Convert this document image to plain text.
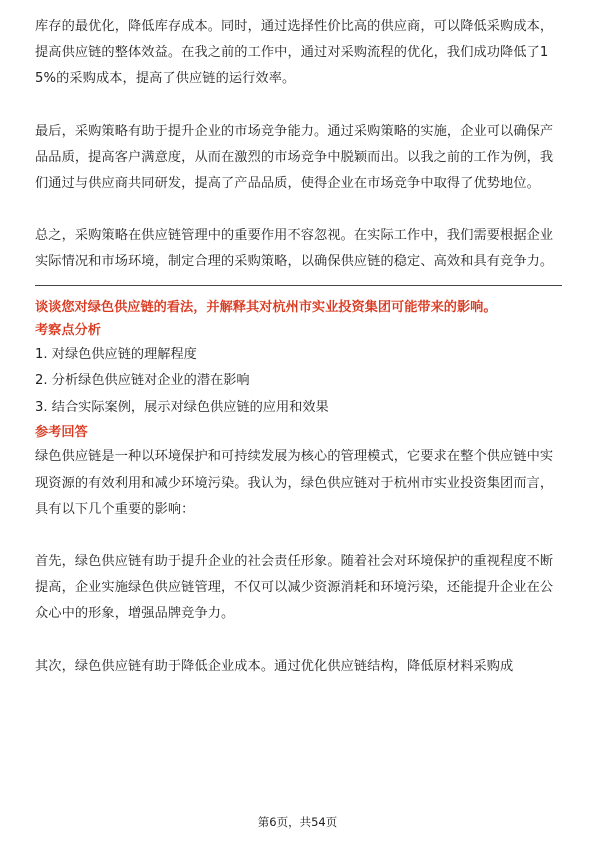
库存的最优化，降低库存成本。同时，通过选择性价比高的供应商，可以降低采购成本，提高供应链的整体效益。在我之前的工作中，通过对采购流程的优化，我们成功降低了15%的采购成本，提高了供应链的运行效率。

最后，采购策略有助于提升企业的市场竞争能力。通过采购策略的实施，企业可以确保产品品质，提高客户满意度，从而在激烈的市场竞争中脱颖而出。以我之前的工作为例，我们通过与供应商共同研发，提高了产品品质，使得企业在市场竞争中取得了优势地位。

总之，采购策略在供应链管理中的重要作用不容忽视。在实际工作中，我们需要根据企业实际情况和市场环境，制定合理的采购策略，以确保供应链的稳定、高效和具有竞争力。

谈谈您对绿色供应链的看法，并解释其对杭州市实业投资集团可能带来的影响。

考察点分析

1. 对绿色供应链的理解程度

2. 分析绿色供应链对企业的潜在影响

3. 结合实际案例，展示对绿色供应链的应用和效果

参考回答

绿色供应链是一种以环境保护和可持续发展为核心的管理模式，它要求在整个供应链中实现资源的有效利用和减少环境污染。我认为，绿色供应链对于杭州市实业投资集团而言，具有以下几个重要的影响：

首先，绿色供应链有助于提升企业的社会责任形象。随着社会对环境保护的重视程度不断提高，企业实施绿色供应链管理，不仅可以减少资源消耗和环境污染，还能提升企业在公众心中的形象，增强品牌竞争力。

其次，绿色供应链有助于降低企业成本。通过优化供应链结构，降低原材料采购成

第6页，共54页
